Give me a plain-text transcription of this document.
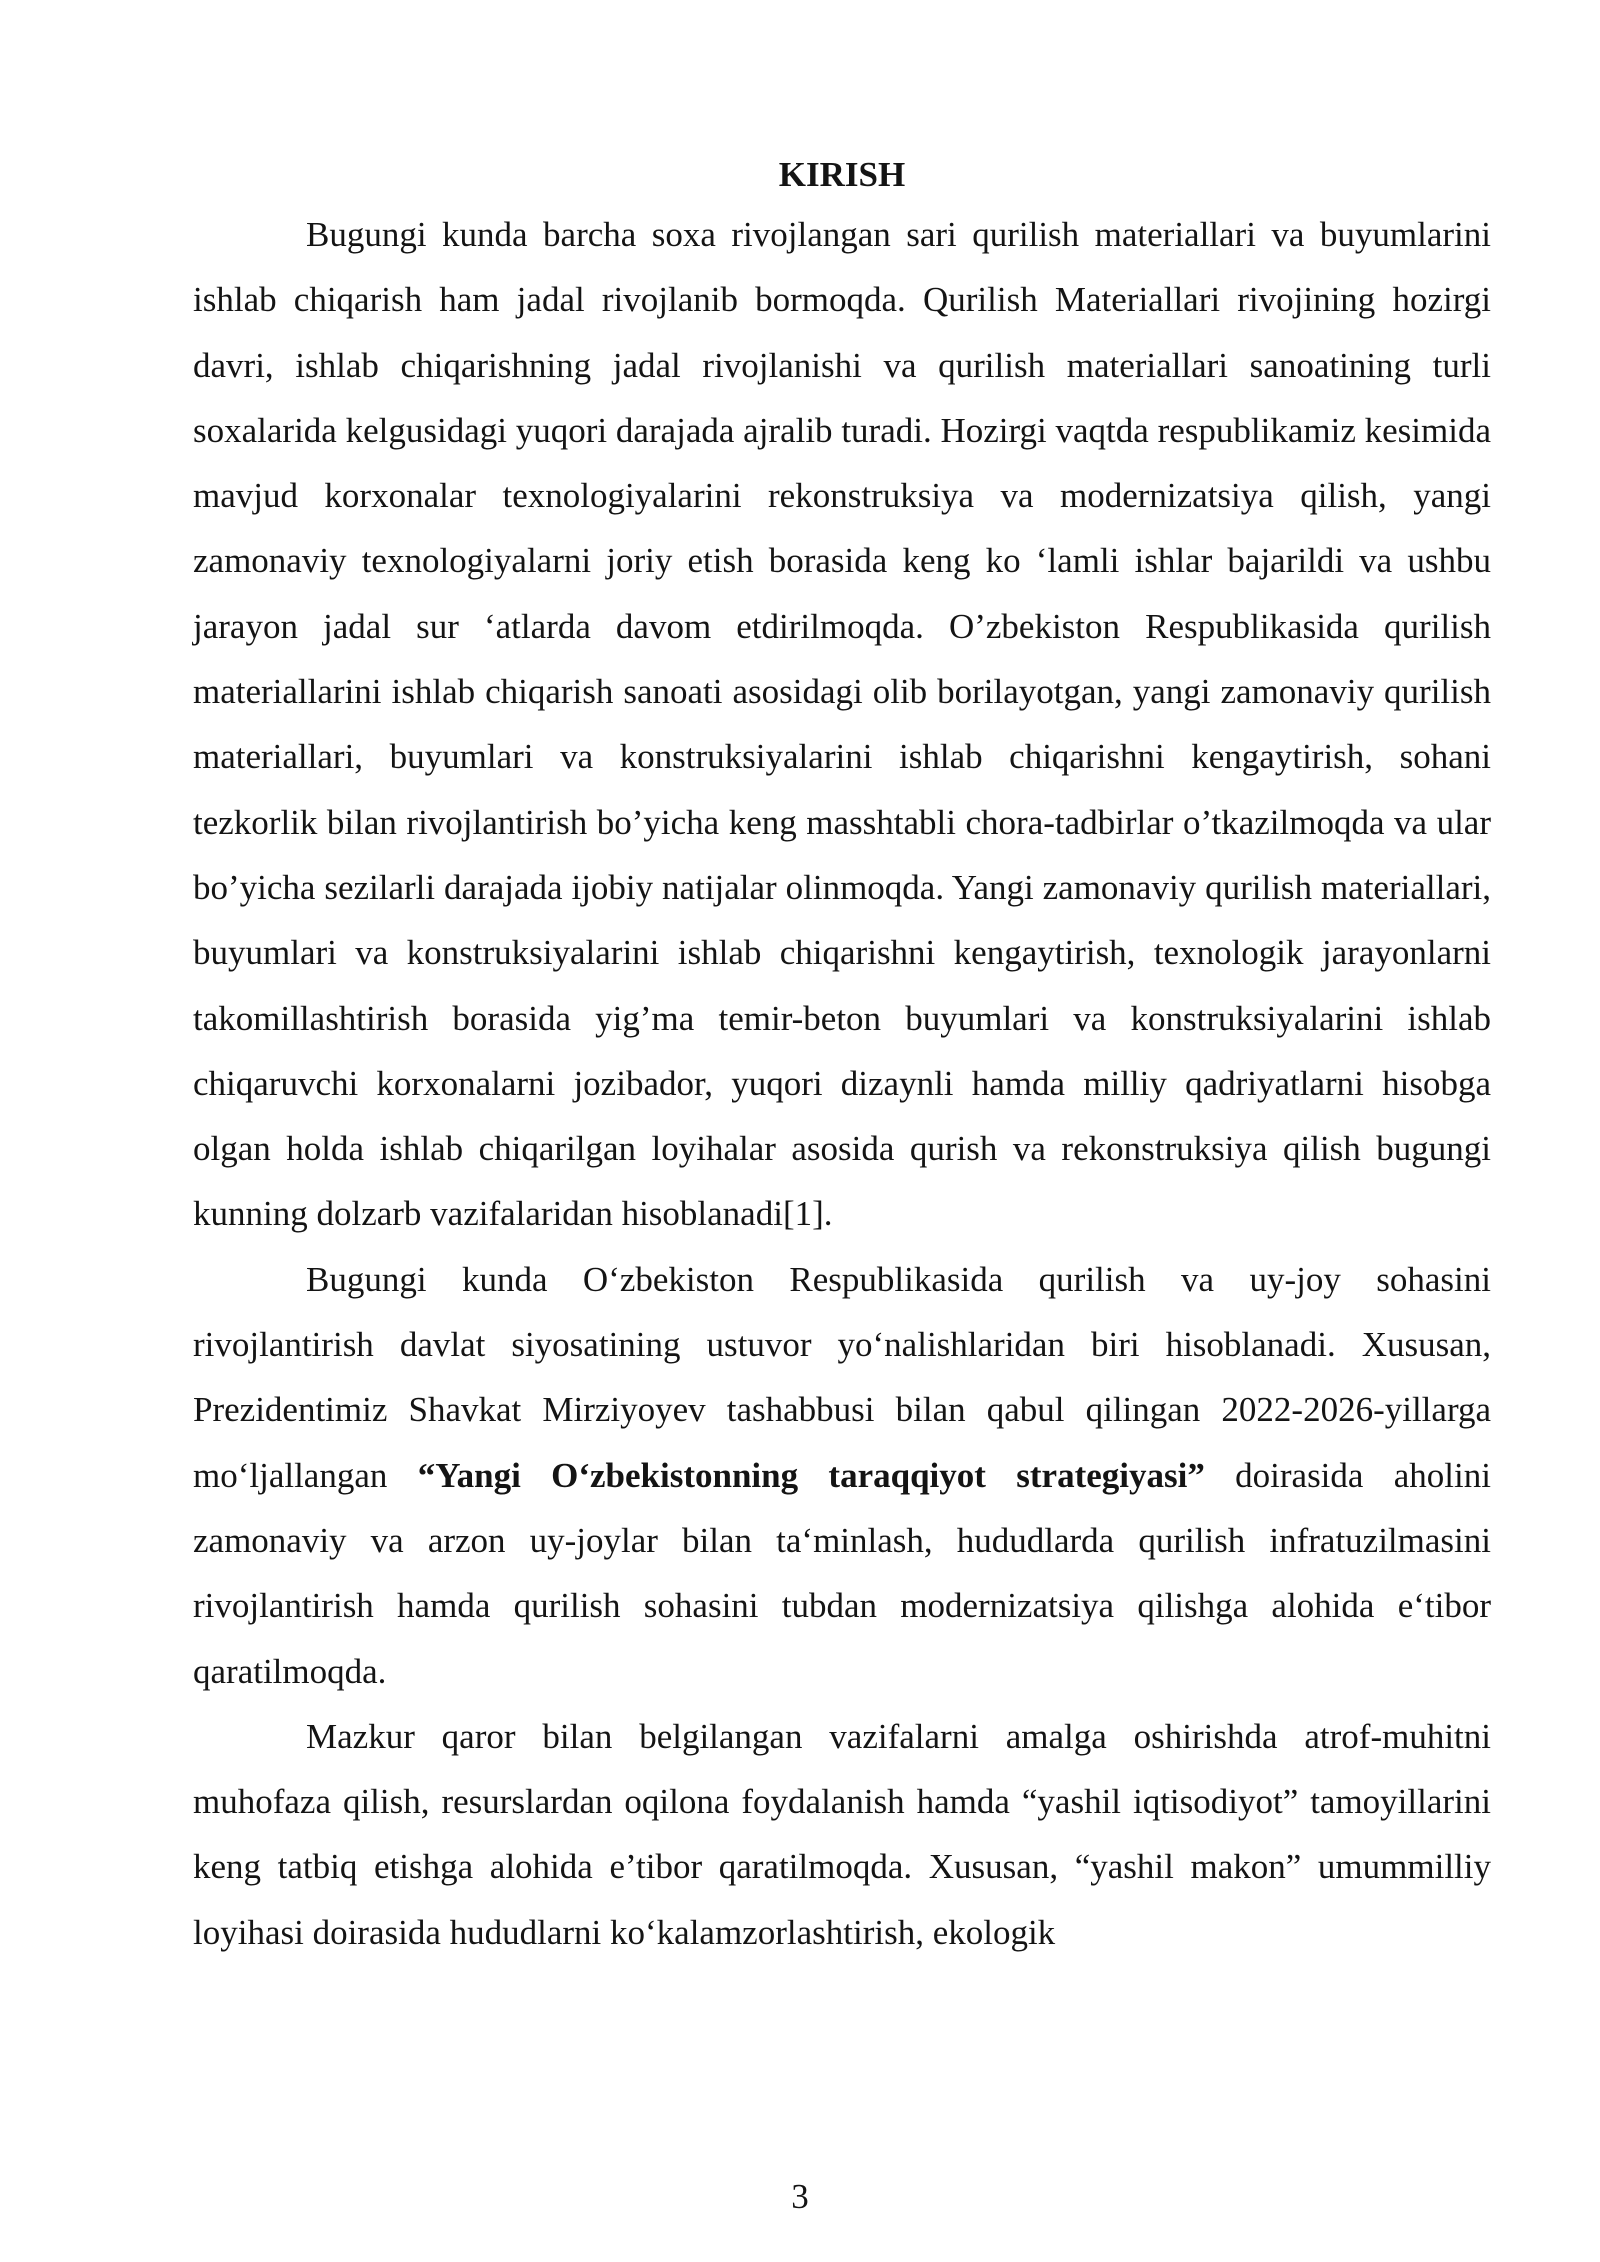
KIRISH

Bugungi kunda barcha soxa rivojlangan sari qurilish materiallari va buyumlarini ishlab chiqarish ham jadal rivojlanib bormoqda. Qurilish Materiallari rivojining hozirgi davri, ishlab chiqarishning jadal rivojlanishi va qurilish materiallari sanoatining turli soxalarida kelgusidagi yuqori darajada ajralib turadi. Hozirgi vaqtda respublikamiz kesimida mavjud korxonalar texnologiyalarini rekonstruksiya va modernizatsiya qilish, yangi zamonaviy texnologiyalarni joriy etish borasida keng ko ‘lamli ishlar bajarildi va ushbu jarayon jadal sur ‘atlarda davom etdirilmoqda. O’zbekiston Respublikasida qurilish materiallarini ishlab chiqarish sanoati asosidagi olib borilayotgan, yangi zamonaviy qurilish materiallari, buyumlari va konstruksiyalarini ishlab chiqarishni kengaytirish, sohani tezkorlik bilan rivojlantirish bo’yicha keng masshtabli chora-tadbirlar o’tkazilmoqda va ular bo’yicha sezilarli darajada ijobiy natijalar olinmoqda. Yangi zamonaviy qurilish materiallari, buyumlari va konstruksiyalarini ishlab chiqarishni kengaytirish, texnologik jarayonlarni takomillashtirish borasida yig’ma temir-beton buyumlari va konstruksiyalarini ishlab chiqaruvchi korxonalarni jozibador, yuqori dizaynli hamda milliy qadriyatlarni hisobga olgan holda ishlab chiqarilgan loyihalar asosida qurish va rekonstruksiya qilish bugungi kunning dolzarb vazifalaridan hisoblanadi[1].

Bugungi kunda O‘zbekiston Respublikasida qurilish va uy-joy sohasini rivojlantirish davlat siyosatining ustuvor yo‘nalishlaridan biri hisoblanadi. Xususan, Prezidentimiz Shavkat Mirziyoyev tashabbusi bilan qabul qilingan 2022-2026-yillarga mo‘ljallangan “Yangi O‘zbekistonning taraqqiyot strategiyasi” doirasida aholini zamonaviy va arzon uy-joylar bilan ta‘minlash, hududlarda qurilish infratuzilmasini rivojlantirish hamda qurilish sohasini tubdan modernizatsiya qilishga alohida e‘tibor qaratilmoqda.

Mazkur qaror bilan belgilangan vazifalarni amalga oshirishda atrof-muhitni muhofaza qilish, resurslardan oqilona foydalanish hamda “yashil iqtisodiyot” tamoyillarini keng tatbiq etishga alohida e’tibor qaratilmoqda. Xususan, “yashil makon” umummilliy loyihasi doirasida hududlarni ko‘kalamzorlashtirish, ekologik

3
